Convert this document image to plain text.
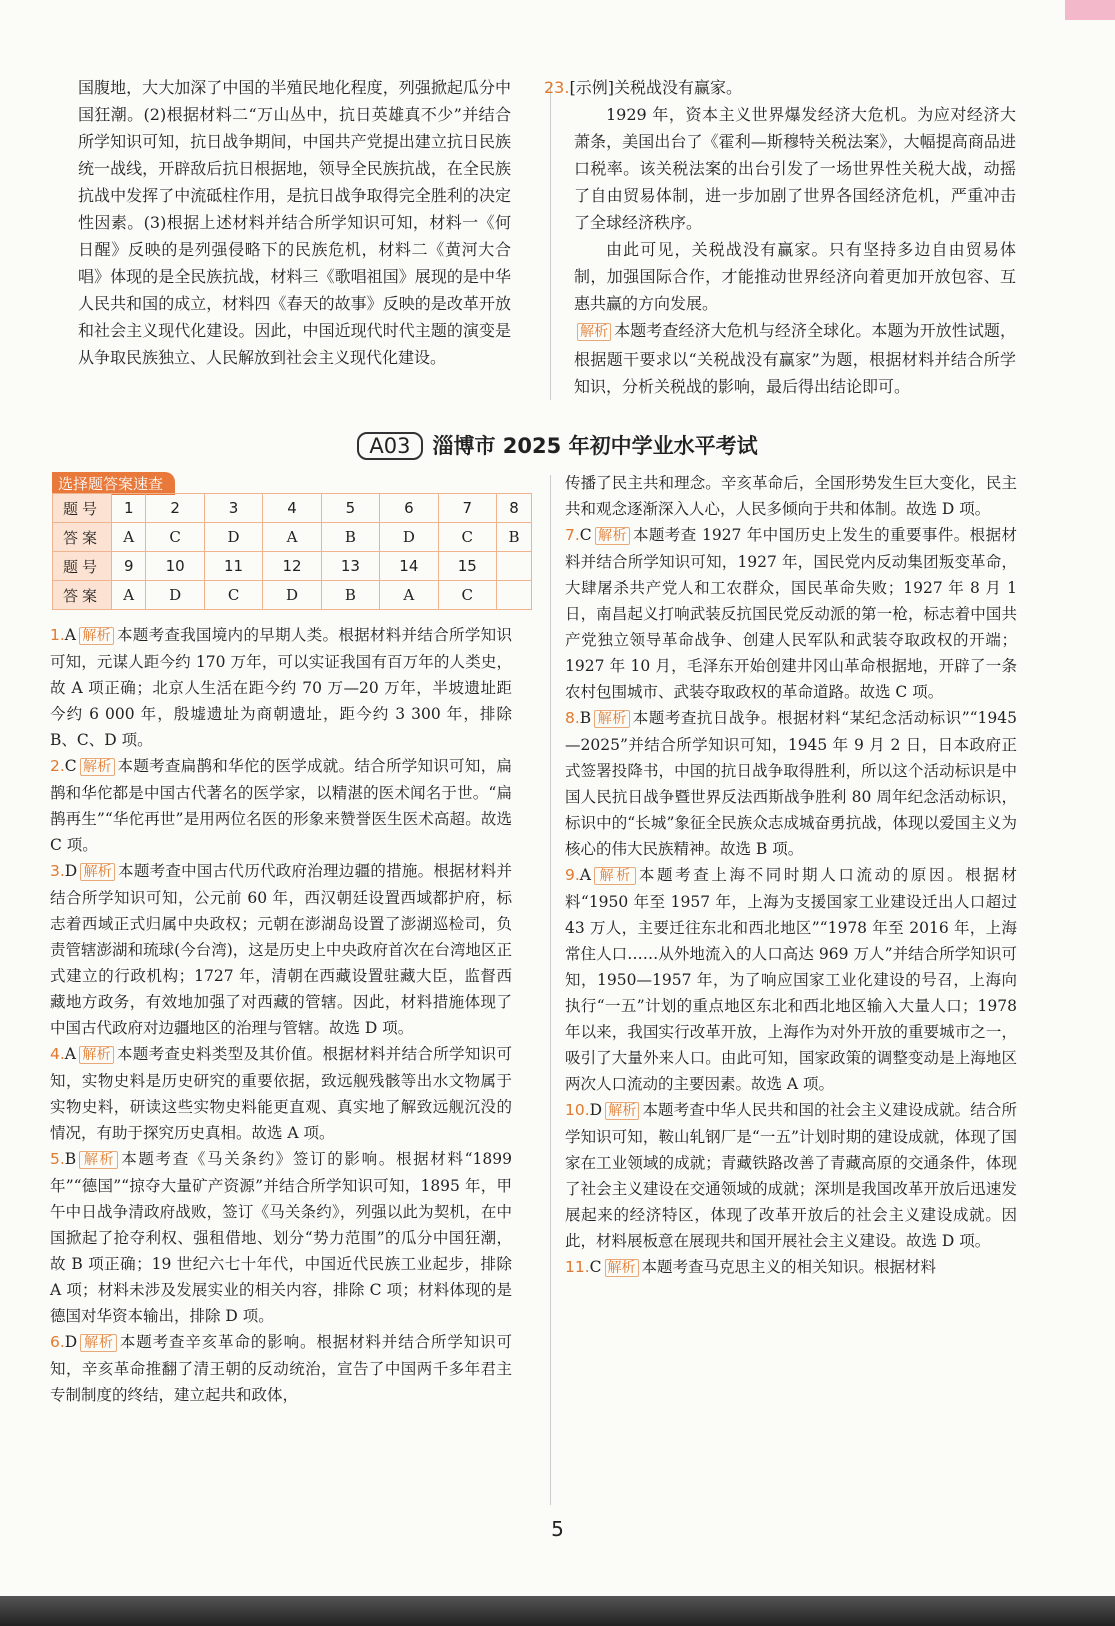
国腹地，大大加深了中国的半殖民地化程度，列强掀起瓜分中国狂潮。(2)根据材料二“万山丛中，抗日英雄真不少”并结合所学知识可知，抗日战争期间，中国共产党提出建立抗日民族统一战线，开辟敌后抗日根据地，领导全民族抗战，在全民族抗战中发挥了中流砥柱作用，是抗日战争取得完全胜利的决定性因素。(3)根据上述材料并结合所学知识可知，材料一《何日醒》反映的是列强侵略下的民族危机，材料二《黄河大合唱》体现的是全民族抗战，材料三《歌唱祖国》展现的是中华人民共和国的成立，材料四《春天的故事》反映的是改革开放和社会主义现代化建设。因此，中国近现代时代主题的演变是从争取民族独立、人民解放到社会主义现代化建设。

23.[示例]关税战没有赢家。

1929 年，资本主义世界爆发经济大危机。为应对经济大萧条，美国出台了《霍利—斯穆特关税法案》，大幅提高商品进口税率。该关税法案的出台引发了一场世界性关税大战，动摇了自由贸易体制，进一步加剧了世界各国经济危机，严重冲击了全球经济秩序。

由此可见，关税战没有赢家。只有坚持多边自由贸易体制，加强国际合作，才能推动世界经济向着更加开放包容、互惠共赢的方向发展。

解析 本题考查经济大危机与经济全球化。本题为开放性试题，根据题干要求以“关税战没有赢家”为题，根据材料并结合所学知识，分析关税战的影响，最后得出结论即可。

A03 淄博市 2025 年初中学业水平考试
选择题答案速查
题号	1	2	3	4	5	6	7	8
答案	A	C	D	A	B	D	C	B
题号	9	10	11	12	13	14	15	
答案	A	D	C	D	B	A	C	

1.A 解析 本题考查我国境内的早期人类。根据材料并结合所学知识可知，元谋人距今约 170 万年，可以实证我国有百万年的人类史，故 A 项正确；北京人生活在距今约 70 万—20 万年，半坡遗址距今约 6 000 年，殷墟遗址为商朝遗址，距今约 3 300 年，排除 B、C、D 项。

2.C 解析 本题考查扁鹊和华佗的医学成就。结合所学知识可知，扁鹊和华佗都是中国古代著名的医学家，以精湛的医术闻名于世。“扁鹊再生”“华佗再世”是用两位名医的形象来赞誉医生医术高超。故选 C 项。

3.D 解析 本题考查中国古代历代政府治理边疆的措施。根据材料并结合所学知识可知，公元前 60 年，西汉朝廷设置西域都护府，标志着西域正式归属中央政权；元朝在澎湖岛设置了澎湖巡检司，负责管辖澎湖和琉球(今台湾)，这是历史上中央政府首次在台湾地区正式建立的行政机构；1727 年，清朝在西藏设置驻藏大臣，监督西藏地方政务，有效地加强了对西藏的管辖。因此，材料措施体现了中国古代政府对边疆地区的治理与管辖。故选 D 项。

4.A 解析 本题考查史料类型及其价值。根据材料并结合所学知识可知，实物史料是历史研究的重要依据，致远舰残骸等出水文物属于实物史料，研读这些实物史料能更直观、真实地了解致远舰沉没的情况，有助于探究历史真相。故选 A 项。

5.B 解析 本题考查《马关条约》签订的影响。根据材料“1899 年”“德国”“掠夺大量矿产资源”并结合所学知识可知，1895 年，甲午中日战争清政府战败，签订《马关条约》，列强以此为契机，在中国掀起了抢夺利权、强租借地、划分“势力范围”的瓜分中国狂潮，故 B 项正确；19 世纪六七十年代，中国近代民族工业起步，排除 A 项；材料未涉及发展实业的相关内容，排除 C 项；材料体现的是德国对华资本输出，排除 D 项。

6.D 解析 本题考查辛亥革命的影响。根据材料并结合所学知识可知，辛亥革命推翻了清王朝的反动统治，宣告了中国两千多年君主专制制度的终结，建立起共和政体，

传播了民主共和理念。辛亥革命后，全国形势发生巨大变化，民主共和观念逐渐深入人心，人民多倾向于共和体制。故选 D 项。

7.C 解析 本题考查 1927 年中国历史上发生的重要事件。根据材料并结合所学知识可知，1927 年，国民党内反动集团叛变革命，大肆屠杀共产党人和工农群众，国民革命失败；1927 年 8 月 1 日，南昌起义打响武装反抗国民党反动派的第一枪，标志着中国共产党独立领导革命战争、创建人民军队和武装夺取政权的开端；1927 年 10 月，毛泽东开始创建井冈山革命根据地，开辟了一条农村包围城市、武装夺取政权的革命道路。故选 C 项。

8.B 解析 本题考查抗日战争。根据材料“某纪念活动标识”“1945—2025”并结合所学知识可知，1945 年 9 月 2 日，日本政府正式签署投降书，中国的抗日战争取得胜利，所以这个活动标识是中国人民抗日战争暨世界反法西斯战争胜利 80 周年纪念活动标识，标识中的“长城”象征全民族众志成城奋勇抗战，体现以爱国主义为核心的伟大民族精神。故选 B 项。

9.A 解析 本题考查上海不同时期人口流动的原因。根据材料“1950 年至 1957 年，上海为支援国家工业建设迁出人口超过 43 万人，主要迁往东北和西北地区”“1978 年至 2016 年，上海常住人口……从外地流入的人口高达 969 万人”并结合所学知识可知，1950—1957 年，为了响应国家工业化建设的号召，上海向执行“一五”计划的重点地区东北和西北地区输入大量人口；1978 年以来，我国实行改革开放，上海作为对外开放的重要城市之一，吸引了大量外来人口。由此可知，国家政策的调整变动是上海地区两次人口流动的主要因素。故选 A 项。

10.D 解析 本题考查中华人民共和国的社会主义建设成就。结合所学知识可知，鞍山轧钢厂是“一五”计划时期的建设成就，体现了国家在工业领域的成就；青藏铁路改善了青藏高原的交通条件，体现了社会主义建设在交通领域的成就；深圳是我国改革开放后迅速发展起来的经济特区，体现了改革开放后的社会主义建设成就。因此，材料展板意在展现共和国开展社会主义建设。故选 D 项。

11.C 解析 本题考查马克思主义的相关知识。根据材料

5
